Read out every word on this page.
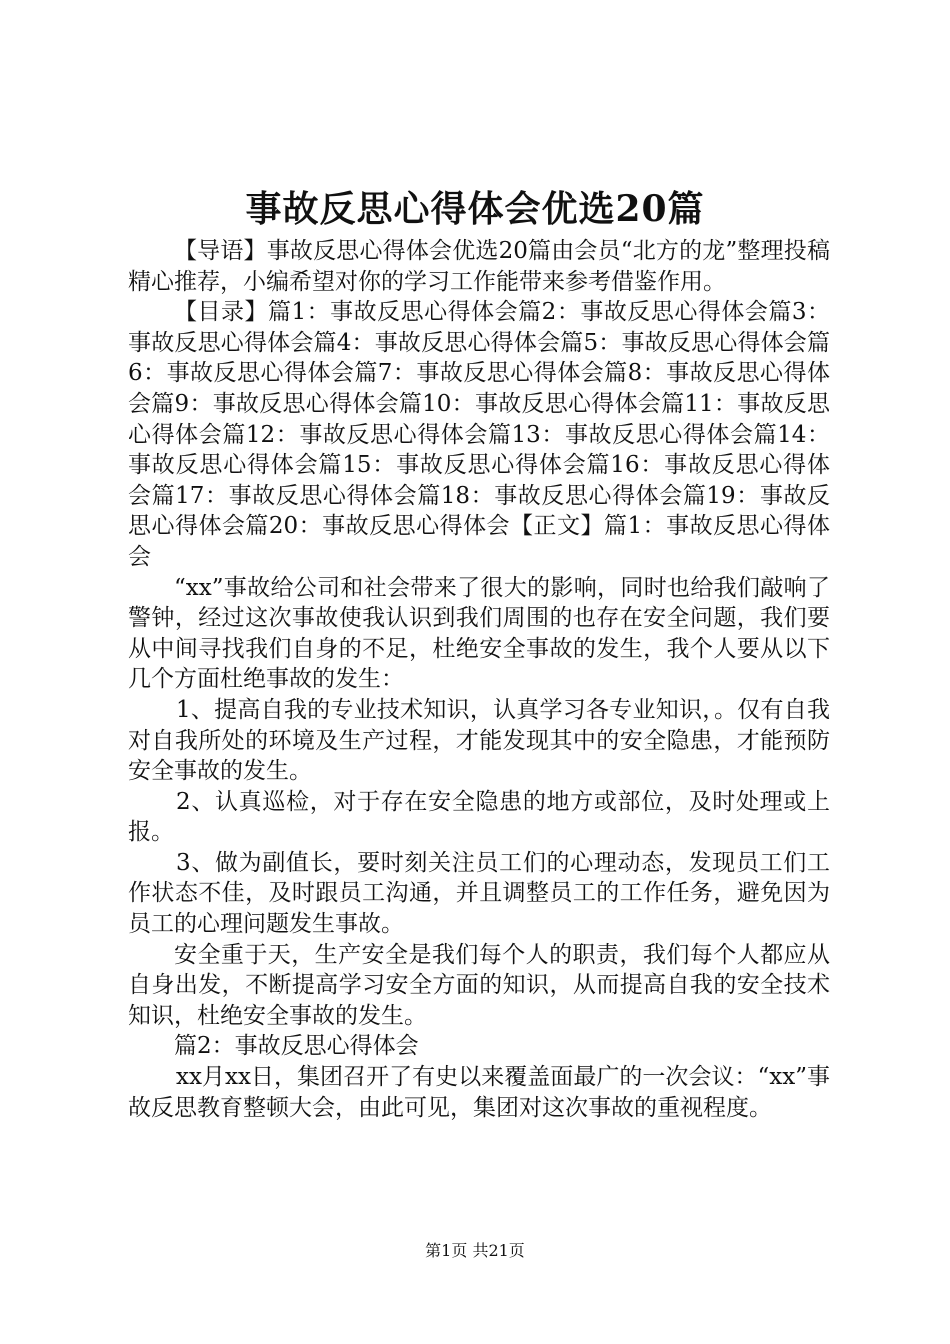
事故反思心得体会优选20篇

【导语】事故反思心得体会优选20篇由会员“北方的龙”整理投稿精心推荐，小编希望对你的学习工作能带来参考借鉴作用。

【目录】篇1：事故反思心得体会篇2：事故反思心得体会篇3：事故反思心得体会篇4：事故反思心得体会篇5：事故反思心得体会篇6：事故反思心得体会篇7：事故反思心得体会篇8：事故反思心得体会篇9：事故反思心得体会篇10：事故反思心得体会篇11：事故反思心得体会篇12：事故反思心得体会篇13：事故反思心得体会篇14：事故反思心得体会篇15：事故反思心得体会篇16：事故反思心得体会篇17：事故反思心得体会篇18：事故反思心得体会篇19：事故反思心得体会篇20：事故反思心得体会【正文】篇1：事故反思心得体会

“xx”事故给公司和社会带来了很大的影响，同时也给我们敲响了警钟，经过这次事故使我认识到我们周围的也存在安全问题，我们要从中间寻找我们自身的不足，杜绝安全事故的发生，我个人要从以下几个方面杜绝事故的发生：

1、提高自我的专业技术知识，认真学习各专业知识，。仅有自我对自我所处的环境及生产过程，才能发现其中的安全隐患，才能预防安全事故的发生。

2、认真巡检，对于存在安全隐患的地方或部位，及时处理或上报。

3、做为副值长，要时刻关注员工们的心理动态，发现员工们工作状态不佳，及时跟员工沟通，并且调整员工的工作任务，避免因为员工的心理问题发生事故。

安全重于天，生产安全是我们每个人的职责，我们每个人都应从自身出发，不断提高学习安全方面的知识，从而提高自我的安全技术知识，杜绝安全事故的发生。

篇2：事故反思心得体会

xx月xx日，集团召开了有史以来覆盖面最广的一次会议：“xx”事故反思教育整顿大会，由此可见，集团对这次事故的重视程度。

第1页 共21页
